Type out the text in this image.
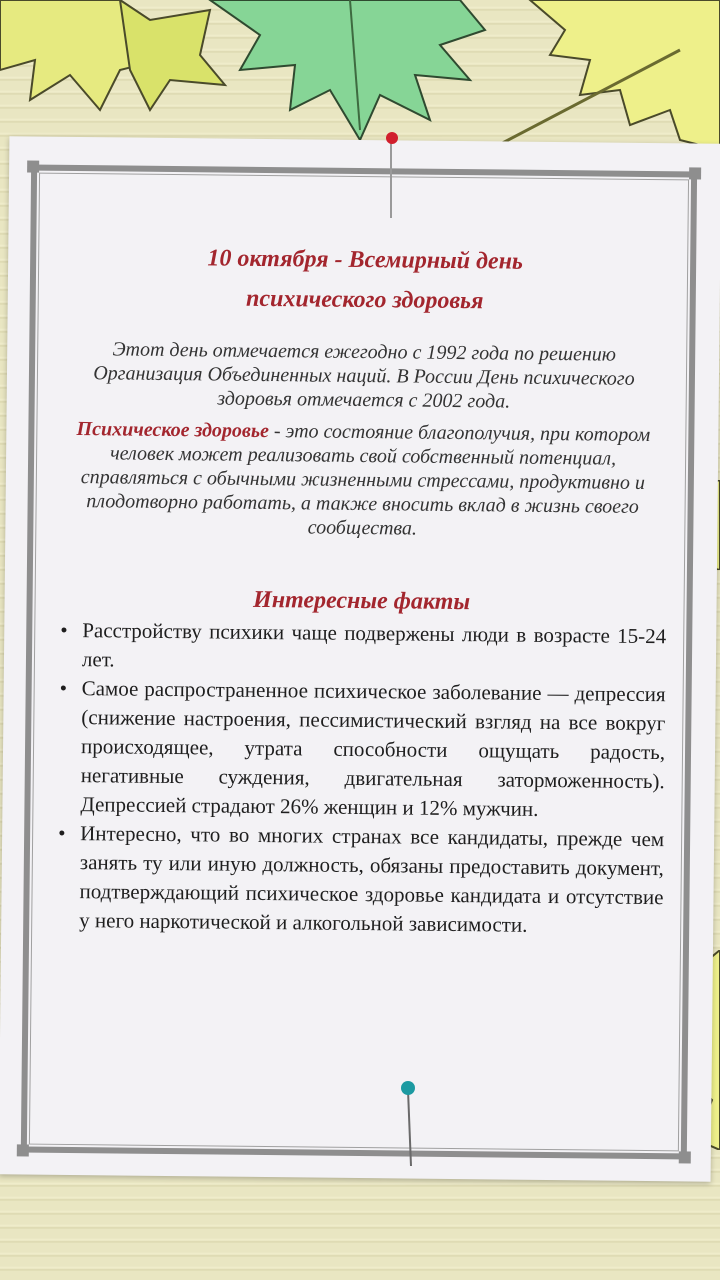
10 октября - Всемирный день
психического здоровья

Этот день отмечается ежегодно с 1992 года по решению Организация Объединенных наций. В России День психического здоровья отмечается с 2002 года.

Психическое здоровье - это состояние благополучия, при котором человек может реализовать свой собственный потенциал, справляться с обычными жизненными стрессами, продуктивно и плодотворно работать, а также вносить вклад в жизнь своего сообщества.

Интересные факты
• Расстройству психики чаще подвержены люди в возрасте 15-24 лет.
• Самое распространенное психическое заболевание — депрессия (снижение настроения, пессимистический взгляд на все вокруг происходящее, утрата способности ощущать радость, негативные суждения, двигательная заторможенность). Депрессией страдают 26% женщин и 12% мужчин.
• Интересно, что во многих странах все кандидаты, прежде чем занять ту или иную должность, обязаны предоставить документ, подтверждающий психическое здоровье кандидата и отсутствие у него наркотической и алкогольной зависимости.
